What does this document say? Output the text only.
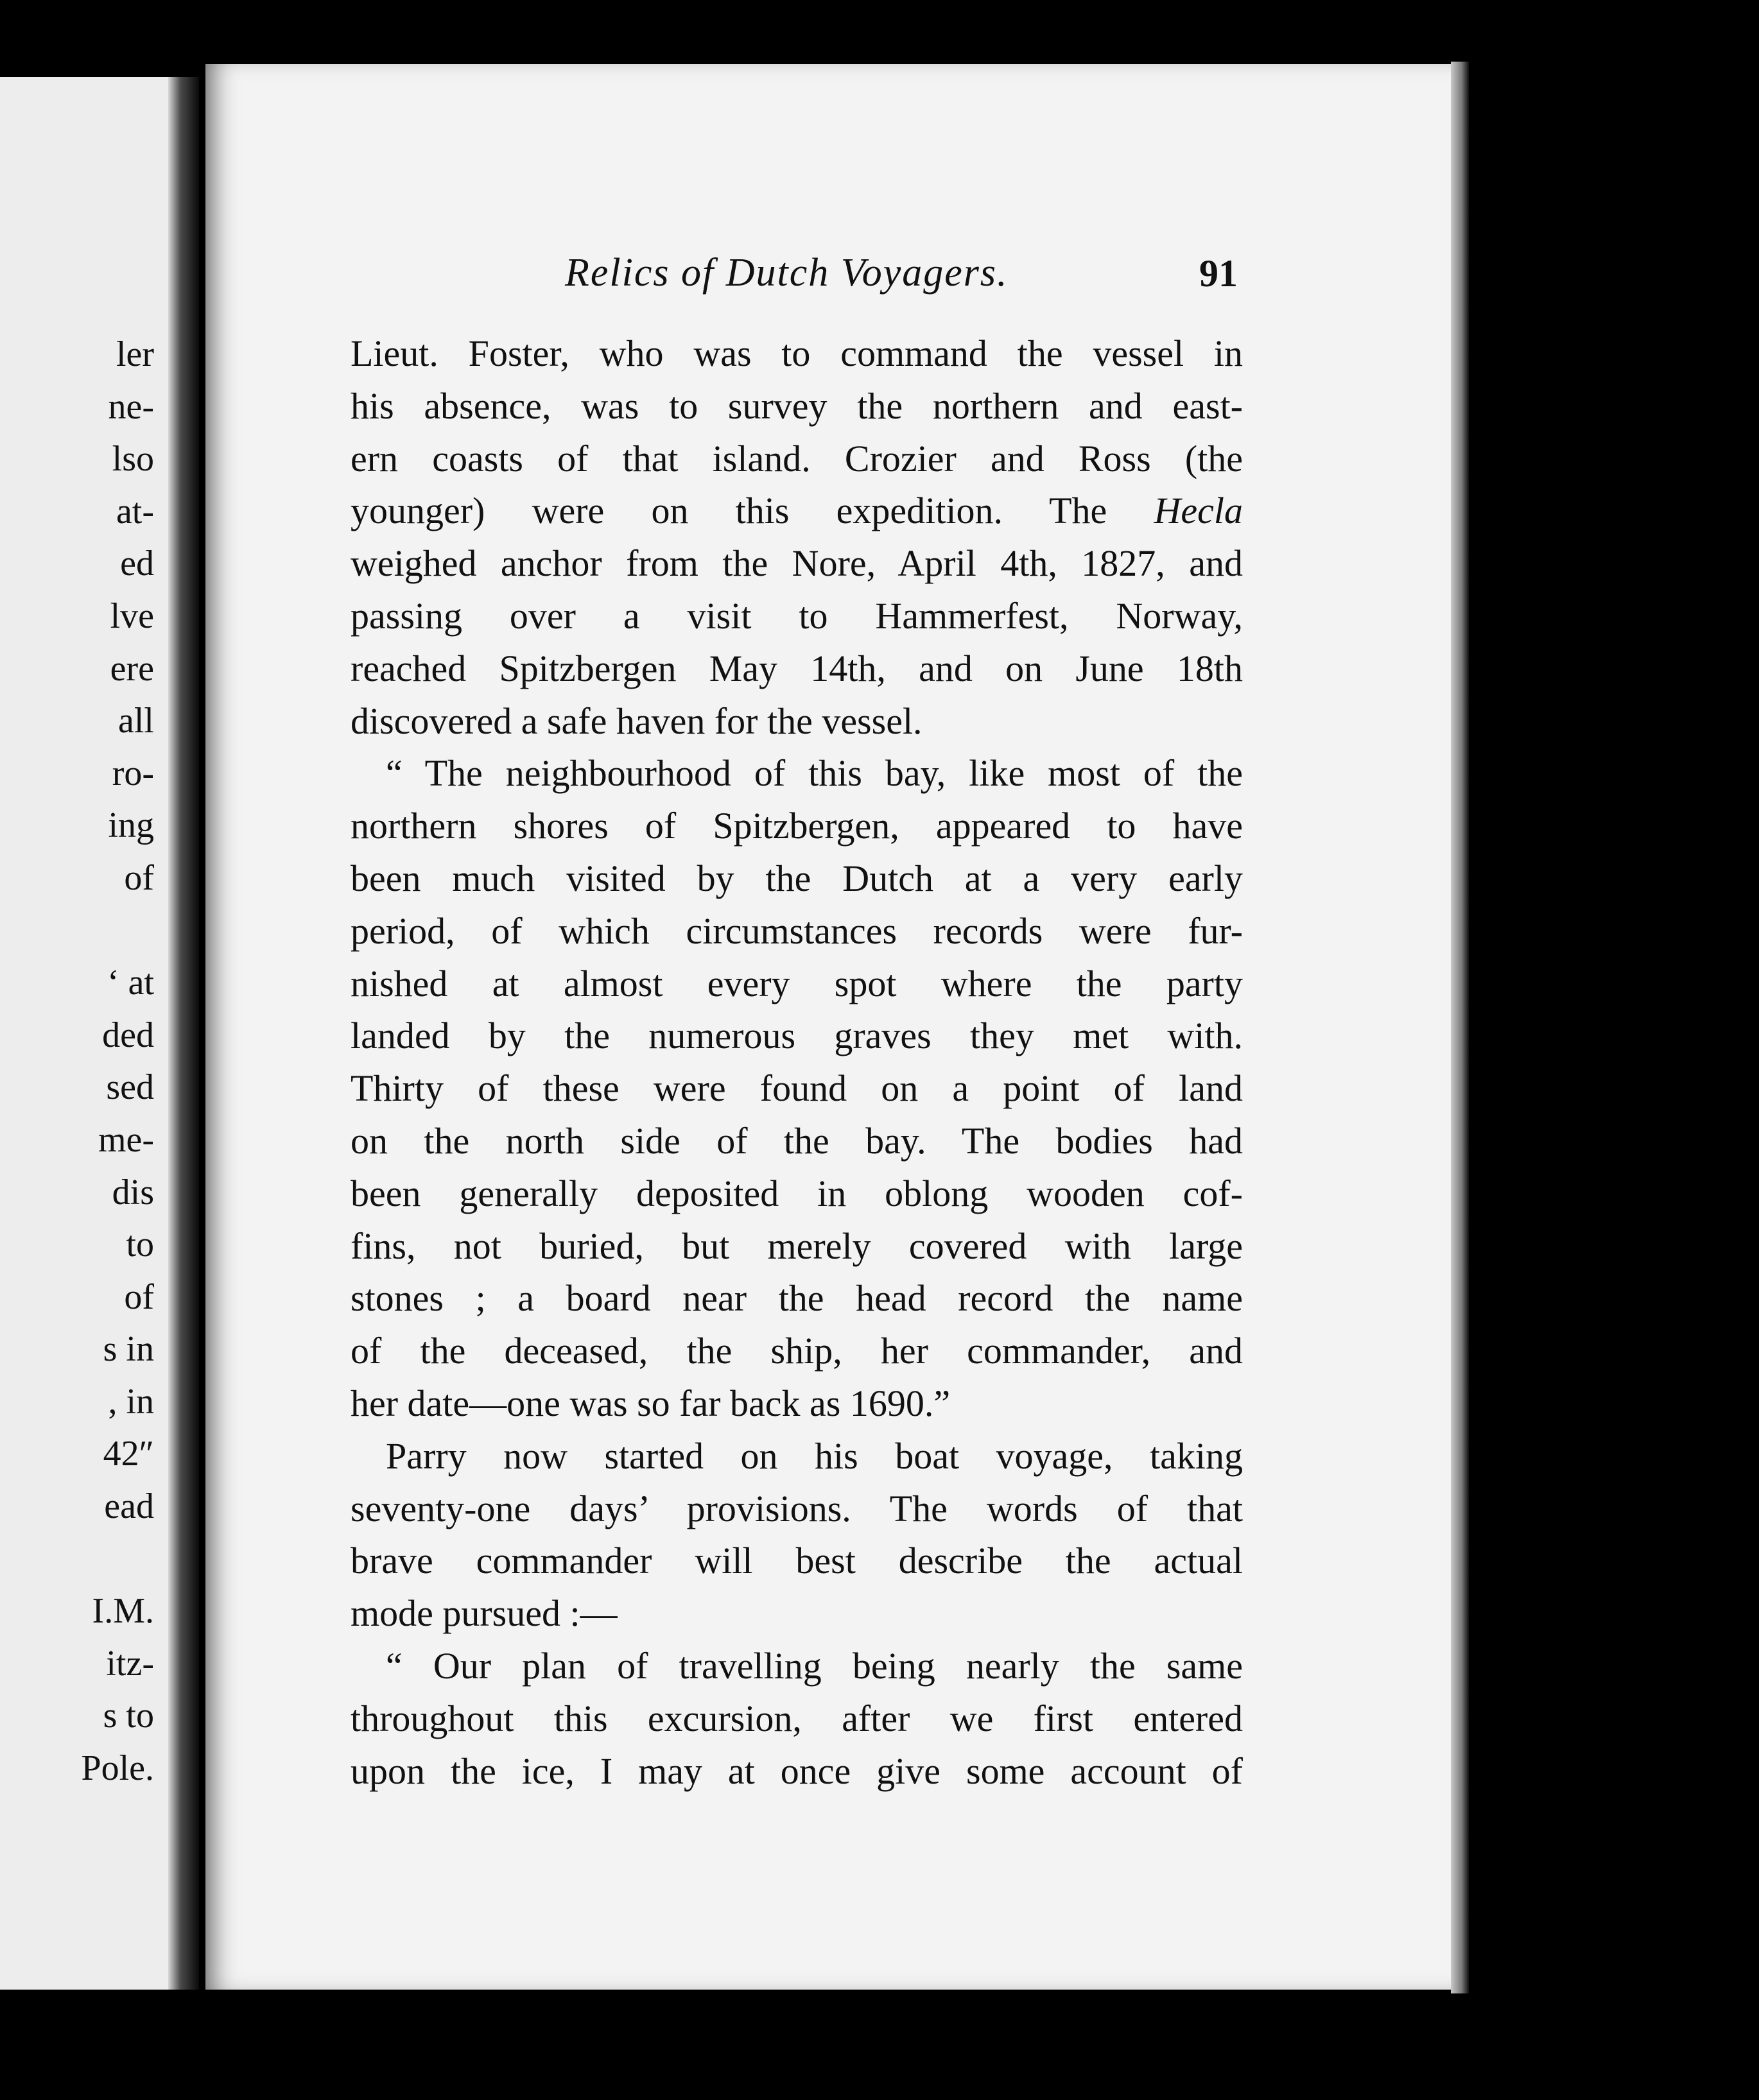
ler
ne-
lso
at-
ed
lve
ere
all
ro-
ing
of
‘ at
ded
sed
me-
dis
to
of
s in
, in
42″
ead
I.M.
itz-
s to
Pole.
Relics of Dutch Voyagers.	91
Lieut. Foster, who was to command the vessel in
his absence, was to survey the northern and east-
ern coasts of that island. Crozier and Ross (the
younger) were on this expedition. The Hecla
weighed anchor from the Nore, April 4th, 1827, and
passing over a visit to Hammerfest, Norway,
reached Spitzbergen May 14th, and on June 18th
discovered a safe haven for the vessel.
“ The neighbourhood of this bay, like most of the
northern shores of Spitzbergen, appeared to have
been much visited by the Dutch at a very early
period, of which circumstances records were fur-
nished at almost every spot where the party
landed by the numerous graves they met with.
Thirty of these were found on a point of land
on the north side of the bay. The bodies had
been generally deposited in oblong wooden cof-
fins, not buried, but merely covered with large
stones ; a board near the head record the name
of the deceased, the ship, her commander, and
her date—one was so far back as 1690.”
Parry now started on his boat voyage, taking
seventy-one days’ provisions. The words of that
brave commander will best describe the actual
mode pursued :—
“ Our plan of travelling being nearly the same
throughout this excursion, after we first entered
upon the ice, I may at once give some account of
